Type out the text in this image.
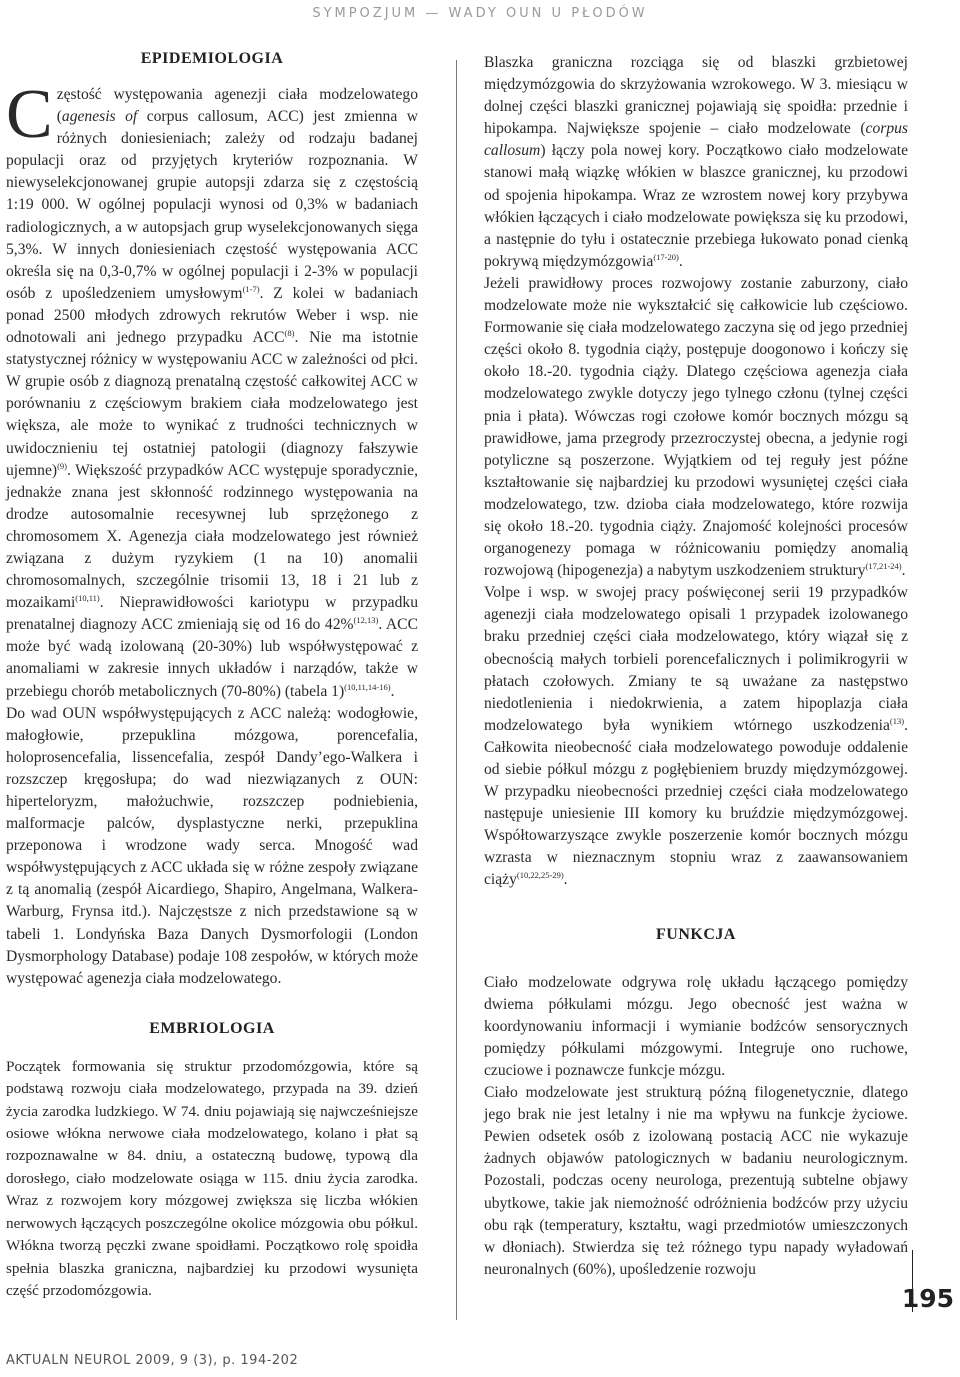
SYMPOZJUM — WADY OUN U PŁODÓW
EPIDEMIOLOGIA

Częstość występowania agenezji ciała modzelowatego (agenesis of corpus callosum, ACC) jest zmienna w różnych doniesieniach; zależy od rodzaju badanej populacji oraz od przyjętych kryteriów rozpoznania. W niewyselekcjonowanej grupie autopsji zdarza się z częstością 1:19 000. W ogólnej populacji wynosi od 0,3% w badaniach radiologicznych, a w autopsjach grup wyselekcjonowanych sięga 5,3%. W innych doniesieniach częstość występowania ACC określa się na 0,3-0,7% w ogólnej populacji i 2-3% w populacji osób z upośledzeniem umysłowym$^{(1-7)}$. Z kolei w badaniach ponad 2500 młodych zdrowych rekrutów Weber i wsp. nie odnotowali ani jednego przypadku ACC$^{(8)}$. Nie ma istotnie statystycznej różnicy w występowaniu ACC w zależności od płci. W grupie osób z diagnozą prenatalną częstość całkowitej ACC w porównaniu z częściowym brakiem ciała modzelowatego jest większa, ale może to wynikać z trudności technicznych w uwidocznieniu tej ostatniej patologii (diagnozy fałszywie ujemne)$^{(9)}$. Większość przypadków ACC występuje sporadycznie, jednakże znana jest skłonność rodzinnego występowania na drodze autosomalnie recesywnej lub sprzężonego z chromosomem X. Agenezja ciała modzelowatego jest również związana z dużym ryzykiem (1 na 10) anomalii chromosomalnych, szczególnie trisomii 13, 18 i 21 lub z mozaikami$^{(10,11)}$. Nieprawidłowości kariotypu w przypadku prenatalnej diagnozy ACC zmieniają się od 16 do 42%$^{(12,13)}$. ACC może być wadą izolowaną (20-30%) lub współwystępować z anomaliami w zakresie innych układów i narządów, także w przebiegu chorób metabolicznych (70-80%) (tabela 1)$^{(10,11,14-16)}$.

Do wad OUN współwystępujących z ACC należą: wodogłowie, małogłowie, przepuklina mózgowa, porencefalia, holoprosencefalia, lissencefalia, zespół Dandy’ego-Walkera i rozszczep kręgosłupa; do wad niezwiązanych z OUN: hiperteloryzm, małożuchwie, rozszczep podniebienia, malformacje palców, dysplastyczne nerki, przepuklina przeponowa i wrodzone wady serca. Mnogość wad współwystępujących z ACC układa się w różne zespoły związane z tą anomalią (zespół Aicardiego, Shapiro, Angelmana, Walkera-Warburg, Frynsa itd.). Najczęstsze z nich przedstawione są w tabeli 1. Londyńska Baza Danych Dysmorfologii (London Dysmorphology Database) podaje 108 zespołów, w których może występować agenezja ciała modzelowatego.

EMBRIOLOGIA

Początek formowania się struktur przodomózgowia, które są podstawą rozwoju ciała modzelowatego, przypada na 39. dzień życia zarodka ludzkiego. W 74. dniu pojawiają się najwcześniejsze osiowe włókna nerwowe ciała modzelowatego, kolano i płat są rozpoznawalne w 84. dniu, a ostateczną budowę, typową dla dorosłego, ciało modzelowate osiąga w 115. dniu życia zarodka. Wraz z rozwojem kory mózgowej zwiększa się liczba włókien nerwowych łączących poszczególne okolice mózgowia obu półkul. Włókna tworzą pęczki zwane spoidłami. Początkowo rolę spoidła spełnia blaszka graniczna, najbardziej ku przodowi wysunięta część przodomózgowia.

Blaszka graniczna rozciąga się od blaszki grzbietowej międzymózgowia do skrzyżowania wzrokowego. W 3. miesiącu w dolnej części blaszki granicznej pojawiają się spoidła: przednie i hipokampa. Największe spojenie – ciało modzelowate (corpus callosum) łączy pola nowej kory. Początkowo ciało modzelowate stanowi małą wiązkę włókien w blaszce granicznej, ku przodowi od spojenia hipokampa. Wraz ze wzrostem nowej kory przybywa włókien łączących i ciało modzelowate powiększa się ku przodowi, a następnie do tyłu i ostatecznie przebiega łukowato ponad cienką pokrywą międzymózgowia$^{(17-20)}$.

Jeżeli prawidłowy proces rozwojowy zostanie zaburzony, ciało modzelowate może nie wykształcić się całkowicie lub częściowo. Formowanie się ciała modzelowatego zaczyna się od jego przedniej części około 8. tygodnia ciąży, postępuje doogonowo i kończy się około 18.-20. tygodnia ciąży. Dlatego częściowa agenezja ciała modzelowatego zwykle dotyczy jego tylnego członu (tylnej części pnia i płata). Wówczas rogi czołowe komór bocznych mózgu są prawidłowe, jama przegrody przezroczystej obecna, a jedynie rogi potyliczne są poszerzone. Wyjątkiem od tej reguły jest późne kształtowanie się najbardziej ku przodowi wysuniętej części ciała modzelowatego, tzw. dzioba ciała modzelowatego, które rozwija się około 18.-20. tygodnia ciąży. Znajomość kolejności procesów organogenezy pomaga w różnicowaniu pomiędzy anomalią rozwojową (hipogenezja) a nabytym uszkodzeniem struktury$^{(17,21-24)}$.

Volpe i wsp. w swojej pracy poświęconej serii 19 przypadków agenezji ciała modzelowatego opisali 1 przypadek izolowanego braku przedniej części ciała modzelowatego, który wiązał się z obecnością małych torbieli porencefalicznych i polimikrogyrii w płatach czołowych. Zmiany te są uważane za następstwo niedotlenienia i niedokrwienia, a zatem hipoplazja ciała modzelowatego była wynikiem wtórnego uszkodzenia$^{(13)}$. Całkowita nieobecność ciała modzelowatego powoduje oddalenie od siebie półkul mózgu z pogłębieniem bruzdy międzymózgowej. W przypadku nieobecności przedniej części ciała modzelowatego następuje uniesienie III komory ku bruździe międzymózgowej. Współtowarzyszące zwykle poszerzenie komór bocznych mózgu wzrasta w nieznacznym stopniu wraz z zaawansowaniem ciąży$^{(10,22,25-29)}$.

FUNKCJA

Ciało modzelowate odgrywa rolę układu łączącego pomiędzy dwiema półkulami mózgu. Jego obecność jest ważna w koordynowaniu informacji i wymianie bodźców sensorycznych pomiędzy półkulami mózgowymi. Integruje ono ruchowe, czuciowe i poznawcze funkcje mózgu.

Ciało modzelowate jest strukturą późną filogenetycznie, dlatego jego brak nie jest letalny i nie ma wpływu na funkcje życiowe. Pewien odsetek osób z izolowaną postacią ACC nie wykazuje żadnych objawów patologicznych w badaniu neurologicznym. Pozostali, podczas oceny neurologa, prezentują subtelne objawy ubytkowe, takie jak niemożność odróżnienia bodźców przy użyciu obu rąk (temperatury, kształtu, wagi przedmiotów umieszczonych w dłoniach). Stwierdza się też różnego typu napady wyładowań neuronalnych (60%), upośledzenie rozwoju

195
AKTUALN NEUROL 2009, 9 (3), p. 194-202
